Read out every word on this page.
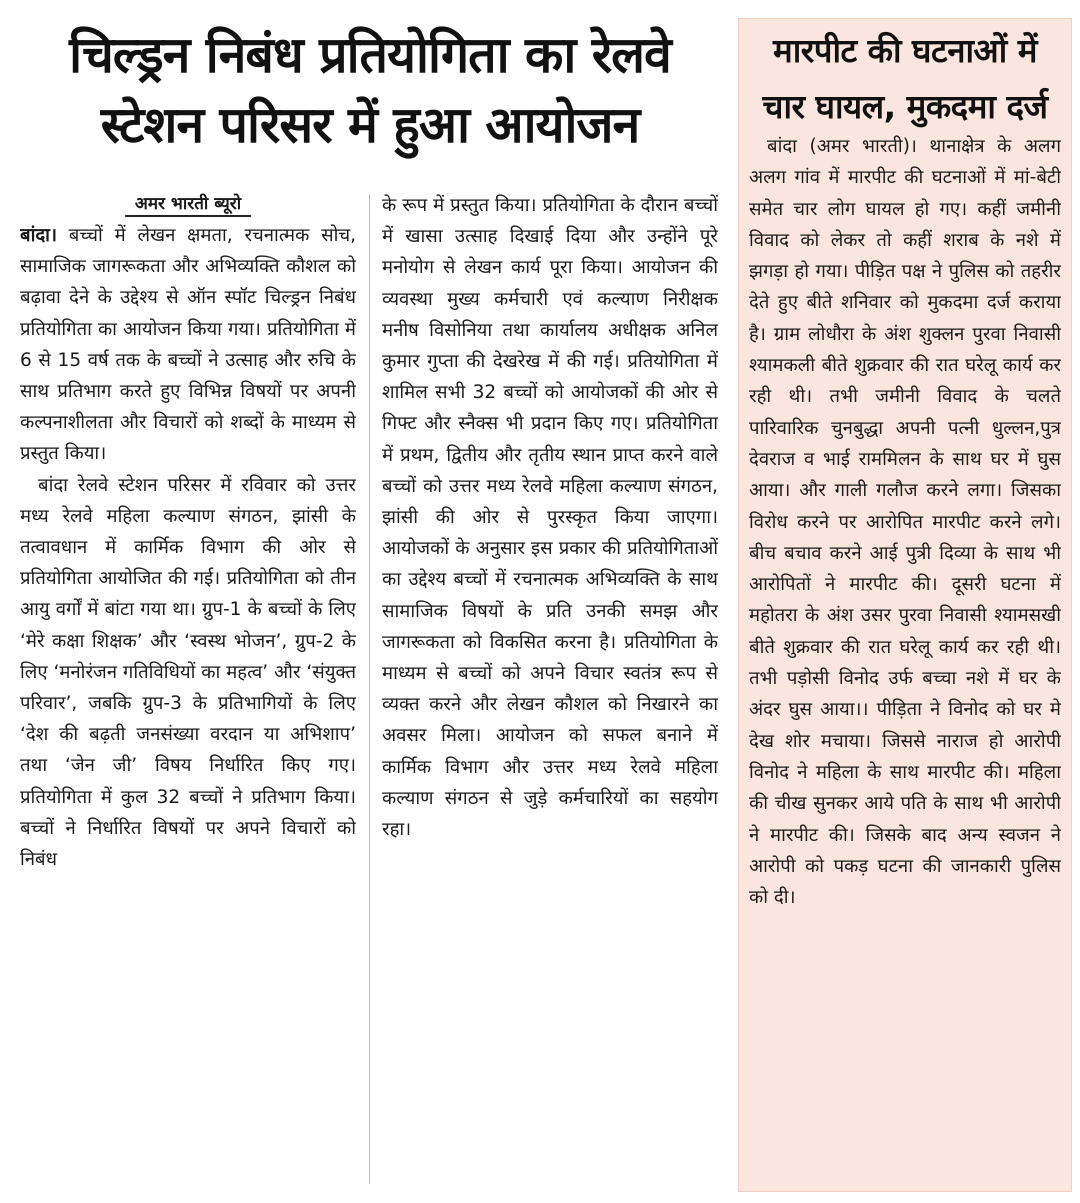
चिल्ड्रन निबंध प्रतियोगिता का रेलवे
स्टेशन परिसर में हुआ आयोजन
अमर भारती ब्यूरो

बांदा। बच्चों में लेखन क्षमता, रचनात्मक सोच, सामाजिक जागरूकता और अभिव्यक्ति कौशल को बढ़ावा देने के उद्देश्य से ऑन स्पॉट चिल्ड्रन निबंध प्रतियोगिता का आयोजन किया गया। प्रतियोगिता में 6 से 15 वर्ष तक के बच्चों ने उत्साह और रुचि के साथ प्रतिभाग करते हुए विभिन्न विषयों पर अपनी कल्पनाशीलता और विचारों को शब्दों के माध्यम से प्रस्तुत किया।

बांदा रेलवे स्टेशन परिसर में रविवार को उत्तर मध्य रेलवे महिला कल्याण संगठन, झांसी के तत्वावधान में कार्मिक विभाग की ओर से प्रतियोगिता आयोजित की गई। प्रतियोगिता को तीन आयु वर्गों में बांटा गया था। ग्रुप-1 के बच्चों के लिए ‘मेरे कक्षा शिक्षक’ और ‘स्वस्थ भोजन’, ग्रुप-2 के लिए ‘मनोरंजन गतिविधियों का महत्व’ और ‘संयुक्त परिवार’, जबकि ग्रुप-3 के प्रतिभागियों के लिए ‘देश की बढ़ती जनसंख्या वरदान या अभिशाप’ तथा ‘जेन जी’ विषय निर्धारित किए गए। प्रतियोगिता में कुल 32 बच्चों ने प्रतिभाग किया। बच्चों ने निर्धारित विषयों पर अपने विचारों को निबंध

के रूप में प्रस्तुत किया। प्रतियोगिता के दौरान बच्चों में खासा उत्साह दिखाई दिया और उन्होंने पूरे मनोयोग से लेखन कार्य पूरा किया। आयोजन की व्यवस्था मुख्य कर्मचारी एवं कल्याण निरीक्षक मनीष विसोनिया तथा कार्यालय अधीक्षक अनिल कुमार गुप्ता की देखरेख में की गई। प्रतियोगिता में शामिल सभी 32 बच्चों को आयोजकों की ओर से गिफ्ट और स्नैक्स भी प्रदान किए गए। प्रतियोगिता में प्रथम, द्वितीय और तृतीय स्थान प्राप्त करने वाले बच्चों को उत्तर मध्य रेलवे महिला कल्याण संगठन, झांसी की ओर से पुरस्कृत किया जाएगा। आयोजकों के अनुसार इस प्रकार की प्रतियोगिताओं का उद्देश्य बच्चों में रचनात्मक अभिव्यक्ति के साथ सामाजिक विषयों के प्रति उनकी समझ और जागरूकता को विकसित करना है। प्रतियोगिता के माध्यम से बच्चों को अपने विचार स्वतंत्र रूप से व्यक्त करने और लेखन कौशल को निखारने का अवसर मिला। आयोजन को सफल बनाने में कार्मिक विभाग और उत्तर मध्य रेलवे महिला कल्याण संगठन से जुड़े कर्मचारियों का सहयोग रहा।

मारपीट की घटनाओं में
चार घायल, मुकदमा दर्ज

बांदा (अमर भारती)। थानाक्षेत्र के अलग अलग गांव में मारपीट की घटनाओं में मां-बेटी समेत चार लोग घायल हो गए। कहीं जमीनी विवाद को लेकर तो कहीं शराब के नशे में झगड़ा हो गया। पीड़ित पक्ष ने पुलिस को तहरीर देते हुए बीते शनिवार को मुकदमा दर्ज कराया है। ग्राम लोधौरा के अंश शुक्लन पुरवा निवासी श्यामकली बीते शुक्रवार की रात घरेलू कार्य कर रही थी। तभी जमीनी विवाद के चलते पारिवारिक चुनबुद्धा अपनी पत्नी धुल्लन,पुत्र देवराज व भाई राममिलन के साथ घर में घुस आया। और गाली गलौज करने लगा। जिसका विरोध करने पर आरोपित मारपीट करने लगे। बीच बचाव करने आई पुत्री दिव्या के साथ भी आरोपितों ने मारपीट की। दूसरी घटना में महोतरा के अंश उसर पुरवा निवासी श्यामसखी बीते शुक्रवार की रात घरेलू कार्य कर रही थी। तभी पड़ोसी विनोद उर्फ बच्चा नशे में घर के अंदर घुस आया।। पीड़िता ने विनोद को घर मे देख शोर मचाया। जिससे नाराज हो आरोपी विनोद ने महिला के साथ मारपीट की। महिला की चीख सुनकर आये पति के साथ भी आरोपी ने मारपीट की। जिसके बाद अन्य स्वजन ने आरोपी को पकड़ घटना की जानकारी पुलिस को दी।
